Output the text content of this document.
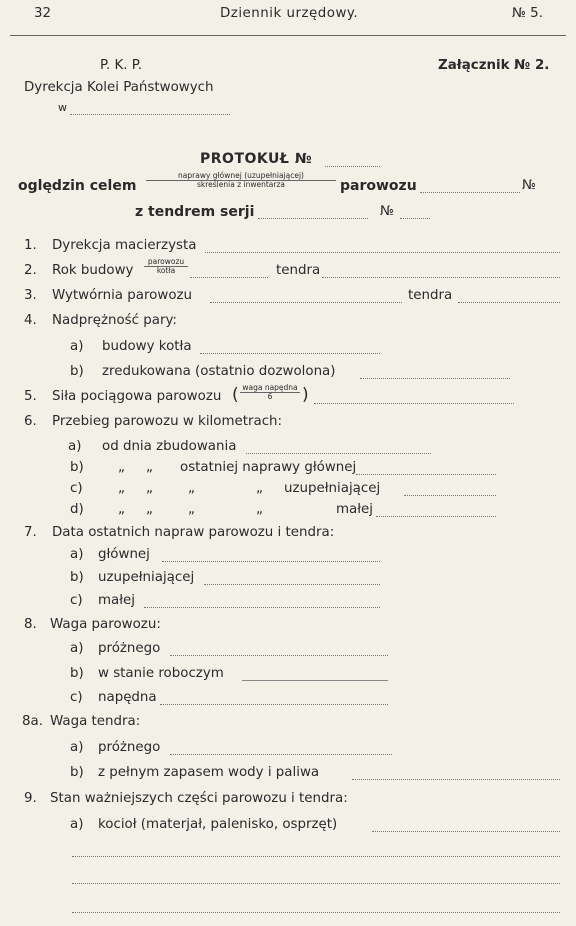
32	Dziennik urzędowy.	№ 5.
P. K. P.	Załącznik № 2.
Dyrekcja Kolei Państwowych
w
PROTOKUŁ №
oględzin celem
naprawy głównej (uzupełniającej)
skreślenia z inwentarza	parowozu	№
z tendrem serji	№
1. Dyrekcja macierzysta
2. Rok budowy
parowozu
kotła	tendra
3. Wytwórnia parowozu	tendra
4. Nadprężność pary:
a) budowy kotła
b) zredukowana (ostatnio dozwolona)
5. Siła pociągowa parowozu ( waga napędna
6	)
6. Przebieg parowozu w kilometrach:
a) od dnia zbudowania
b)	„ „ ostatniej naprawy głównej
c)	„ „	„	„ uzupełniającej
d)	„ „	„	„	małej
7. Data ostatnich napraw parowozu i tendra:
a) głównej
b) uzupełniającej
c) małej
8. Waga parowozu:
a) próżnego
b) w stanie roboczym
c) napędna
8a. Waga tendra:
a) próżnego
b) z pełnym zapasem wody i paliwa
9. Stan ważniejszych części parowozu i tendra:
a) kocioł (materjał, palenisko, osprzęt)
